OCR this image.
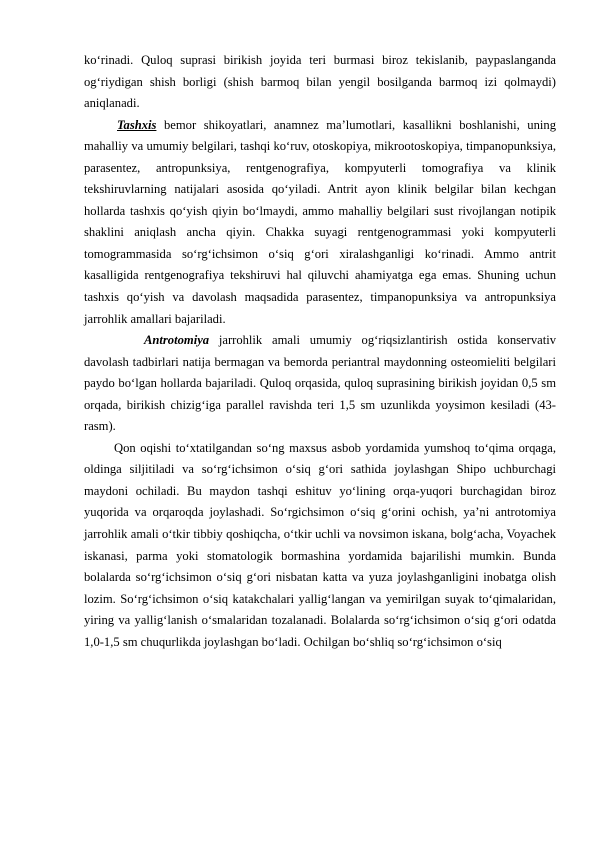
ko‘rinadi. Quloq suprasi birikish joyida teri burmasi biroz tekislanib, paypaslanganda og‘riydigan shish borligi (shish barmoq bilan yengil bosilganda barmoq izi qolmaydi) aniqlanadi.

Tashxis bemor shikoyatlari, anamnez ma’lumotlari, kasallikni boshlanishi, uning mahalliy va umumiy belgilari, tashqi ko‘ruv, otoskopiya, mikrootoskopiya, timpanopunksiya, parasentez, antropunksiya, rentgenografiya, kompyuterli tomografiya va klinik tekshiruvlarning natijalari asosida qo‘yiladi. Antrit ayon klinik belgilar bilan kechgan hollarda tashxis qo‘yish qiyin bo‘lmaydi, ammo mahalliy belgilari sust rivojlangan notipik shaklini aniqlash ancha qiyin. Chakka suyagi rentgenogrammasi yoki kompyuterli tomogrammasida so‘rg‘ichsimon o‘siq g‘ori xiralashganligi ko‘rinadi. Ammo antrit kasalligida rentgenografiya tekshiruvi hal qiluvchi ahamiyatga ega emas. Shuning uchun tashxis qo‘yish va davolash maqsadida parasentez, timpanopunksiya va antropunksiya jarrohlik amallari bajariladi.

Antrotomiya jarrohlik amali umumiy og‘riqsizlantirish ostida konservativ davolash tadbirlari natija bermagan va bemorda periantral maydonning osteomieliti belgilari paydo bo‘lgan hollarda bajariladi. Quloq orqasida, quloq suprasining birikish joyidan 0,5 sm orqada, birikish chizig‘iga parallel ravishda teri 1,5 sm uzunlikda yoysimon kesiladi (43-rasm).

Qon oqishi to‘xtatilgandan so‘ng maxsus asbob yordamida yumshoq to‘qima orqaga, oldinga siljitiladi va so‘rg‘ichsimon o‘siq g‘ori sathida joylashgan Shipo uchburchagi maydoni ochiladi. Bu maydon tashqi eshituv yo‘lining orqa-yuqori burchagidan biroz yuqorida va orqaroqda joylashadi. So‘rgichsimon o‘siq g‘orini ochish, ya’ni antrotomiya jarrohlik amali o‘tkir tibbiy qoshiqcha, o‘tkir uchli va novsimon iskana, bolg‘acha, Voyachek iskanasi, parma yoki stomatologik bormashina yordamida bajarilishi mumkin. Bunda bolalarda so‘rg‘ichsimon o‘siq g‘ori nisbatan katta va yuza joylashganligini inobatga olish lozim. So‘rg‘ichsimon o‘siq katakchalari yallig‘langan va yemirilgan suyak to‘qimalaridan, yiring va yallig‘lanish o‘smalaridan tozalanadi. Bolalarda so‘rg‘ichsimon o‘siq g‘ori odatda 1,0-1,5 sm chuqurlikda joylashgan bo‘ladi. Ochilgan bo‘shliq so‘rg‘ichsimon o‘siq
